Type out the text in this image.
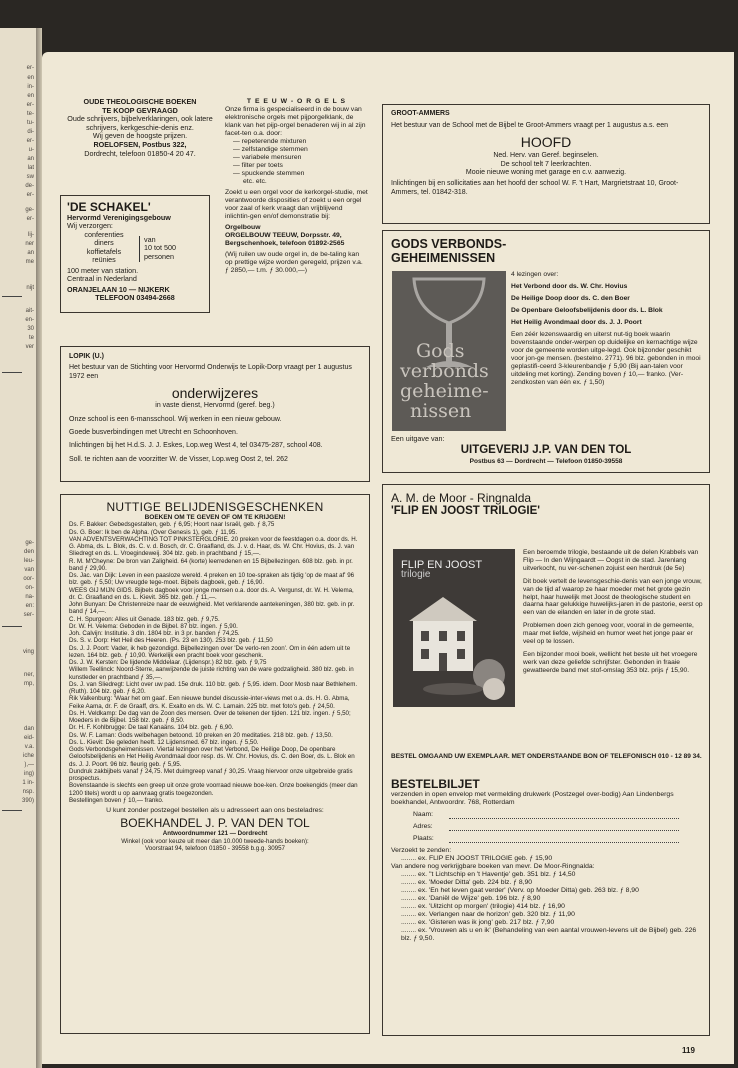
er-
en
in-
en
er-
te-
tu-
di-
er-
u-
an
lat
sw
de-
er-
ge-
er-
lij-
ner
an
me
nijt
ait-
en-
30
te
ver
ge-
den
leu-
van
oor-
on-
na-
en:
ser-
ving
ner,
mp,
dan
eid-
v.a.
iche
),—
ing)
1 in-
nsp.
390)

OUDE THEOLOGISCHE BOEKEN

TE KOOP GEVRAAGD

Oude schrijvers, bijbelverklaringen, ook latere schrijvers, kerkgeschie-denis enz.

Wij geven de hoogste prijzen.

ROELOFSEN, Postbus 322,

Dordrecht, telefoon 01850-4 20 47.

'DE SCHAKEL'

Hervormd Verenigingsgebouw

Wij verzorgen:

conferenties

diners

koffietafels

reünies

van

10 tot 500

personen

100 meter van station.

Centraal in Nederland

ORANJELAAN 10 — NIJKERK

TELEFOON 03494-2668

T E E U W - O R G E L S

Onze firma is gespecialiseerd in de bouw van elektronische orgels met pijporgelklank, de klank van het pijp-orgel benaderen wij in al zijn facet-ten o.a. door:

— repeterende mixturen

— zelfstandige stemmen

— variabele mensuren

— filter per toets

— spuckende stemmen

etc. etc.

Zoekt u een orgel voor de kerkorgel-studie, met verantwoorde disposities of zoekt u een orgel voor zaal of kerk vraagt dan vrijblijvend inlichtin-gen en/of demonstratie bij:

Orgelbouw

ORGELBOUW TEEUW, Dorpsstr. 49,

Bergschenhoek, telefoon 01892-2565

(Wij ruilen uw oude orgel in, de be-taling kan op prettige wijze worden geregeld, prijzen v.a. ƒ 2850,— t.m. ƒ 30.000,—)

GROOT-AMMERS

Het bestuur van de School met de Bijbel te Groot-Ammers vraagt per 1 augustus a.s. een

HOOFD

Ned. Herv. van Geref. beginselen.

De school telt 7 leerkrachten.

Mooie nieuwe woning met garage en c.v. aanwezig.

Inlichtingen bij en sollicitaties aan het hoofd der school W. F. 't Hart, Margrietstraat 10, Groot-Ammers, tel. 01842-318.

GODS VERBONDS-

GEHEIMENISSEN

Gods

verbonds

geheime-

nissen

4 lezingen over:

Het Verbond door ds. W. Chr. Hovius

De Heilige Doop door ds. C. den Boer

De Openbare Geloofsbelijdenis door ds. L. Blok

Het Heilig Avondmaal door ds. J. J. Poort

Een zéér lezenswaardig en uiterst nut-tig boek waarin bovenstaande onder-werpen op duidelijke en kernachtige wijze voor de gemeente worden uitge-legd. Ook bijzonder geschikt voor jon-ge mensen. (bestelno. 2771). 96 blz. gebonden in mooi geplastifi-ceerd 3-kleurenbandje ƒ 5,90 (Bij aan-talen voor uitdeling met korting). Zending boven ƒ 10,— franko. (Ver-zendkosten van één ex. ƒ 1,50)

Een uitgave van:

UITGEVERIJ J.P. VAN DEN TOL

Postbus 63 — Dordrecht — Telefoon 01850-39558

LOPIK (U.)

Het bestuur van de Stichting voor Hervormd Onderwijs te Lopik-Dorp vraagt per 1 augustus 1972 een

onderwijzeres

in vaste dienst, Hervormd (geref. beg.)

Onze school is een 6-mansschool. Wij werken in een nieuw gebouw.

Goede busverbindingen met Utrecht en Schoonhoven.

Inlichtingen bij het H.d.S. J. J. Eskes, Lop.weg West 4, tel 03475-287, school 408.

Soll. te richten aan de voorzitter W. de Visser, Lop.weg Oost 2, tel. 262

NUTTIGE BELIJDENISGESCHENKEN

BOEKEN OM TE GEVEN OF OM TE KRIJGEN!

Ds. F. Bakker: Gebedsgestalten, geb. ƒ 6,95; Hoort naar Israël, geb. ƒ 8,75

Ds. G. Boer: Ik ben de Alpha. (Over Genesis 1), geb. ƒ 11,95.

VAN ADVENTSVERWACHTING TOT PINKSTERGLORIE. 20 preken voor de feestdagen o.a. door ds. H. G. Abma, ds. L. Blok, ds. C. v. d. Bosch, dr. C. Graafland, ds. J. v. d. Haar, ds. W. Chr. Hovius, ds. J. van Sliedregt en ds. L. Vroegindeweij. 304 blz. geb. in prachtband ƒ 15,—.

R. M. M'Cheyne: De bron van Zaligheid. 64 (korte) leerredenen en 15 Bijbellezingen. 608 blz. geb. in pr. band ƒ 29,90.

Ds. Jac. van Dijk: Leven in een paasloze wereld. 4 preken en 10 toe-spraken als tijdig 'op de maat af' 96 blz. geb. ƒ 5,50; Uw vreugde tege-moet. Bijbels dagboek, geb. ƒ 16,90.

WEES GIJ MIJN GIDS. Bijbels dagboek voor jonge mensen o.a. door ds. A. Vergunst, dr. W. H. Velema, dr. C. Graafland en ds. L. Kievit. 365 blz. geb. ƒ 11,—.

John Bunyan: De Christenreize naar de eeuwigheid. Met verklarende aantekeningen, 380 blz. geb. in pr. band ƒ 14,—.

C. H. Spurgeon: Alles uit Genade. 183 blz. geb. ƒ 9,75.

Dr. W. H. Velema: Geboden in de Bijbel. 87 blz. ingen. ƒ 5,90.

Joh. Calvijn: Institutie. 3 dln. 1804 blz. in 3 pr. banden ƒ 74,25.

Ds. S. v. Dorp: Het Heil des Heeren. (Ps. 23 en 130). 253 blz. geb. ƒ 11,50

Ds. J. J. Poort: Vader, ik heb gezondigd. Bijbellezingen over 'De verlo-ren zoon'. Om in één adem uit te lezen. 164 blz. geb. ƒ 10,90. Werkelijk een pracht boek voor geschenk.

Ds. J. W. Kersten: De lijdende Middelaar. (Lijdenspr.) 82 blz. geb. ƒ 9,75

Willem Teellinck: Noord-Sterre, aanwijzende de juiste richting van de ware godzaligheid. 380 blz. geb. in kunstleder en prachtband ƒ 35,—.

Ds. J. van Sliedregt: Licht over uw pad. 15e druk. 110 blz. geb. ƒ 5,95. idem. Door Mosb naar Bethlehem. (Ruth). 104 blz. geb. ƒ 6,20.

Rik Valkenburg: 'Waar het om gaat'. Een nieuwe bundel discussie-inter-views met o.a. ds. H. G. Abma, Feike Aama, dr. F. de Graaff, drs. K. Exalto en ds. W. C. Lamain. 225 blz. met foto's geb. ƒ 24,50.

Ds. H. Veldkamp: De dag van de Zoon des mensen. Over de tekenen der tijden. 121 blz. ingen. ƒ 5,50; Moeders in de Bijbel. 158 blz. geb. ƒ 8,50.

Dr. H. F. Kohlbrugge: De taal Kanaäns. 104 blz. geb. ƒ 6,90.

Ds. W. F. Laman: Gods welbehagen betoond. 10 preken en 20 meditaties. 218 blz. geb. ƒ 13,50.

Ds. L. Kievit: Die geleden heeft. 12 Lijdensmed. 67 blz. ingen. ƒ 5,50.

Gods Verbondsgeheimenissen. Viertal lezingen over het Verbond, De Heilige Doop, De openbare Geloofsbelijdenis en Het Heilig Avondmaal door resp. ds. W. Chr. Hovius, ds. C. den Boer, ds. L. Blok en ds. J. J. Poort. 96 blz. fleurig geb. ƒ 5,95.

Dundruk zakbijbels vanaf ƒ 24,75. Met duimgreep vanaf ƒ 30,25. Vraag hiervoor onze uitgebreide gratis prospectus.

Bovenstaande is slechts een greep uit onze grote voorraad nieuwe boe-ken. Onze boekengids (meer dan 1200 titels) wordt u op aanvraag gratis toegezonden.

Bestellingen boven ƒ 10,— franko.

U kunt zonder postzegel bestellen als u adresseert aan ons besteladres:

BOEKHANDEL J. P. VAN DEN TOL

Antwoordnummer 121 — Dordrecht

Winkel (ook voor keuze uit meer dan 10.000 tweede-hands boeken):

Voorstraat 94, telefoon 01850 - 39558 b.g.g. 30957

A. M. de Moor - Ringnalda

'FLIP EN JOOST TRILOGIE'

FLIP EN JOOST

trilogie

Een beroemde trilogie, bestaande uit de delen Krabbels van Flip — In den Wijngaardt — Oogst in de stad. Jarenlang uitverkocht, nu ver-schenen zojuist een herdruk (de 5e)

Dit boek vertelt de levensgeschie-denis van een jonge vrouw, van de tijd af waarop ze haar moeder met het grote gezin helpt, haar huwelijk met Joost de theologische student en daarna haar gelukkige huwelijks-jaren in de pastorie, eerst op een van de eilanden en later in de grote stad.

Problemen doen zich genoeg voor, vooral in de gemeente, maar met liefde, wijsheid en humor weet het jonge paar er veel op te lossen.

Een bijzonder mooi boek, wellicht het beste uit het vroegere werk van deze geliefde schrijfster. Gebonden in fraaie gewatteerde band met stof-omslag 353 blz. prijs ƒ 15,90.

BESTEL OMGAAND UW EXEMPLAAR. MET ONDERSTAANDE BON OF TELEFONISCH 010 - 12 89 34.

BESTELBILJET

verzenden in open envelop met vermelding drukwerk (Postzegel over-bodig) Aan Lindenbergs boekhandel, Antwoordnr. 768, Rotterdam

Naam:

Adres:

Plaats:

Verzoekt te zenden:

........ ex. FLIP EN JOOST TRILOGIE geb. ƒ 15,90

Van andere nog verkrijgbare boeken van mevr. De Moor-Ringnalda:

........ ex. ''t Lichtschip en 't Haventje' geb. 351 blz. ƒ 14,50

........ ex. 'Moeder Ditta' geb. 224 blz. ƒ 8,90

........ ex. 'En het leven gaat verder' (Verv. op Moeder Ditta) geb. 263 blz. ƒ 8,90

........ ex. 'Daniël de Wijze' geb. 196 blz. ƒ 8,90

........ ex. 'Uitzicht op morgen' (trilogie) 414 blz. ƒ 16,90

........ ex. Verlangen naar de horizon' geb. 320 blz. ƒ 11,90

........ ex. 'Gisteren was ik jong' geb. 217 blz. ƒ 7,90

........ ex. 'Vrouwen als u en ik' (Behandeling van een aantal vrouwen-levens uit de Bijbel) geb. 226 blz. ƒ 9,50.

119
